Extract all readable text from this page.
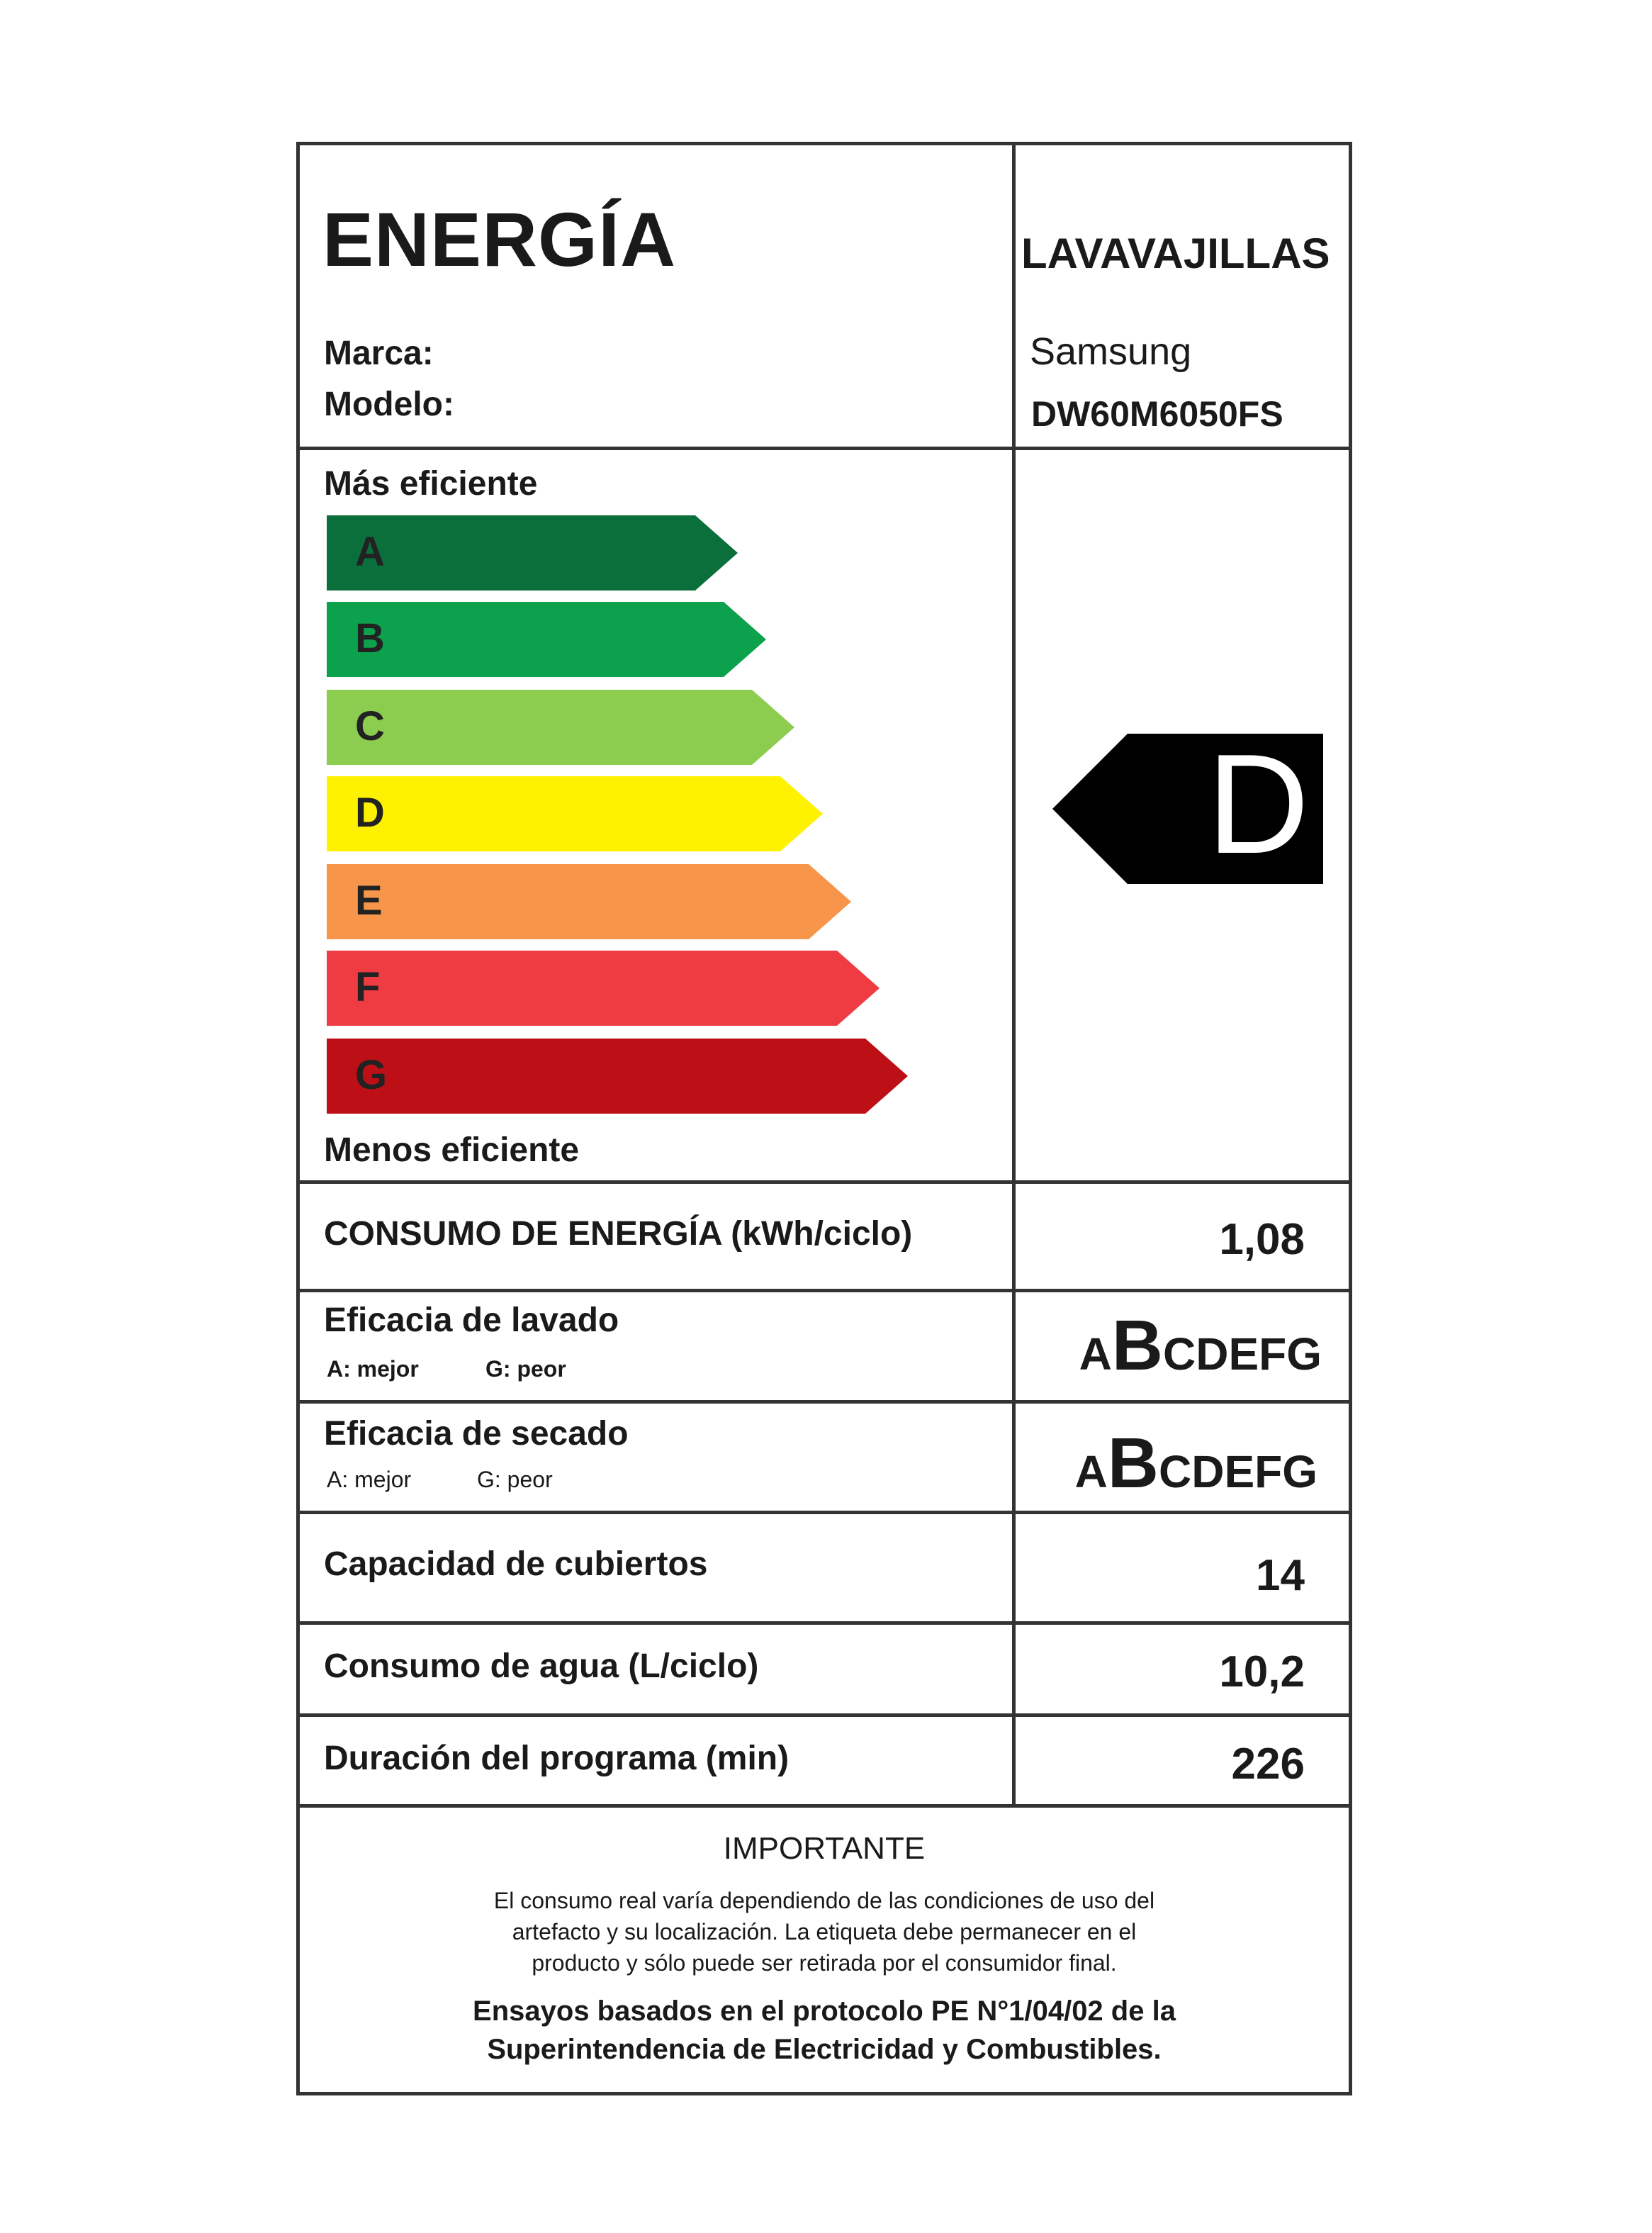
ENERGÍA	LAVAVAJILLAS
Marca:	Samsung
Modelo:	DW60M6050FS
Más eficiente
A
B
C
D
E
F
G
Menos eficiente
D
CONSUMO DE ENERGÍA (kWh/ciclo)	1,08
Eficacia de lavado
A: mejor	G: peor	ABCDEFG
Eficacia de secado
A: mejor	G: peor	ABCDEFG
Capacidad de cubiertos	14
Consumo de agua (L/ciclo)	10,2
Duración del programa (min)	226
IMPORTANTE
El consumo real varía dependiendo de las condiciones de uso del
artefacto y su localización. La etiqueta debe permanecer en el
producto y sólo puede ser retirada por el consumidor final.
Ensayos basados en el protocolo PE N°1/04/02 de la
Superintendencia de Electricidad y Combustibles.
